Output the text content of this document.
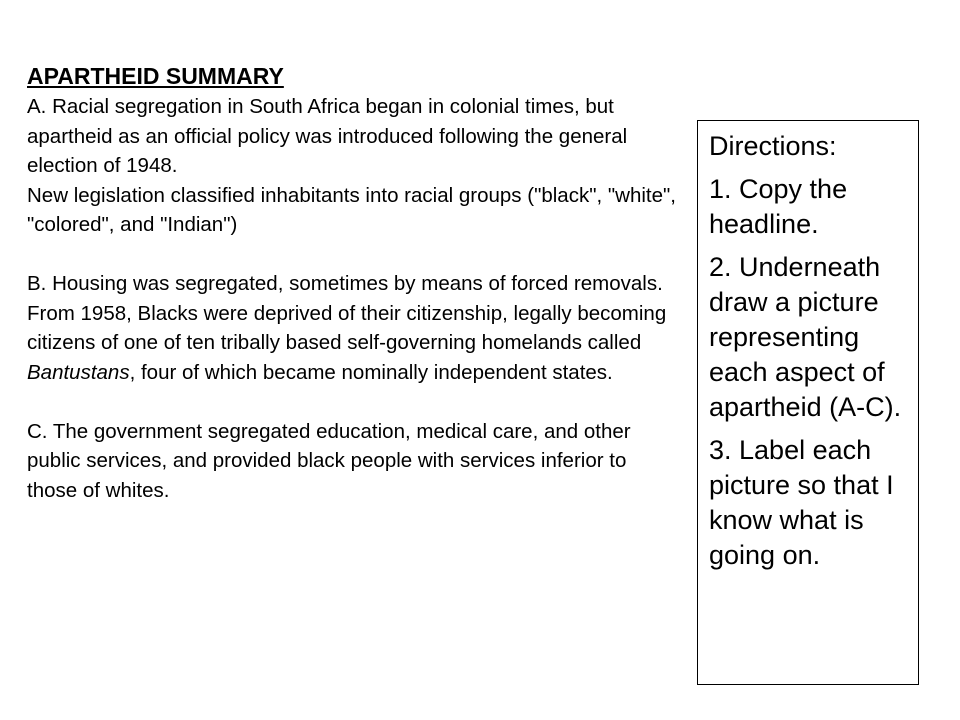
APARTHEID SUMMARY

A. Racial segregation in South Africa began in colonial times, but apartheid as an official policy was introduced following the general election of 1948.

New legislation classified inhabitants into racial groups ("black", "white", "colored", and "Indian")

B. Housing was segregated, sometimes by means of forced removals. From 1958, Blacks were deprived of their citizenship, legally becoming citizens of one of ten tribally based self-governing homelands called Bantustans, four of which became nominally independent states.

C. The government segregated education, medical care, and other public services, and provided black people with services inferior to those of whites.

Directions:

1. Copy the headline.

2. Underneath draw a picture representing each aspect of apartheid (A-C).

3. Label each picture so that I know what is going on.
